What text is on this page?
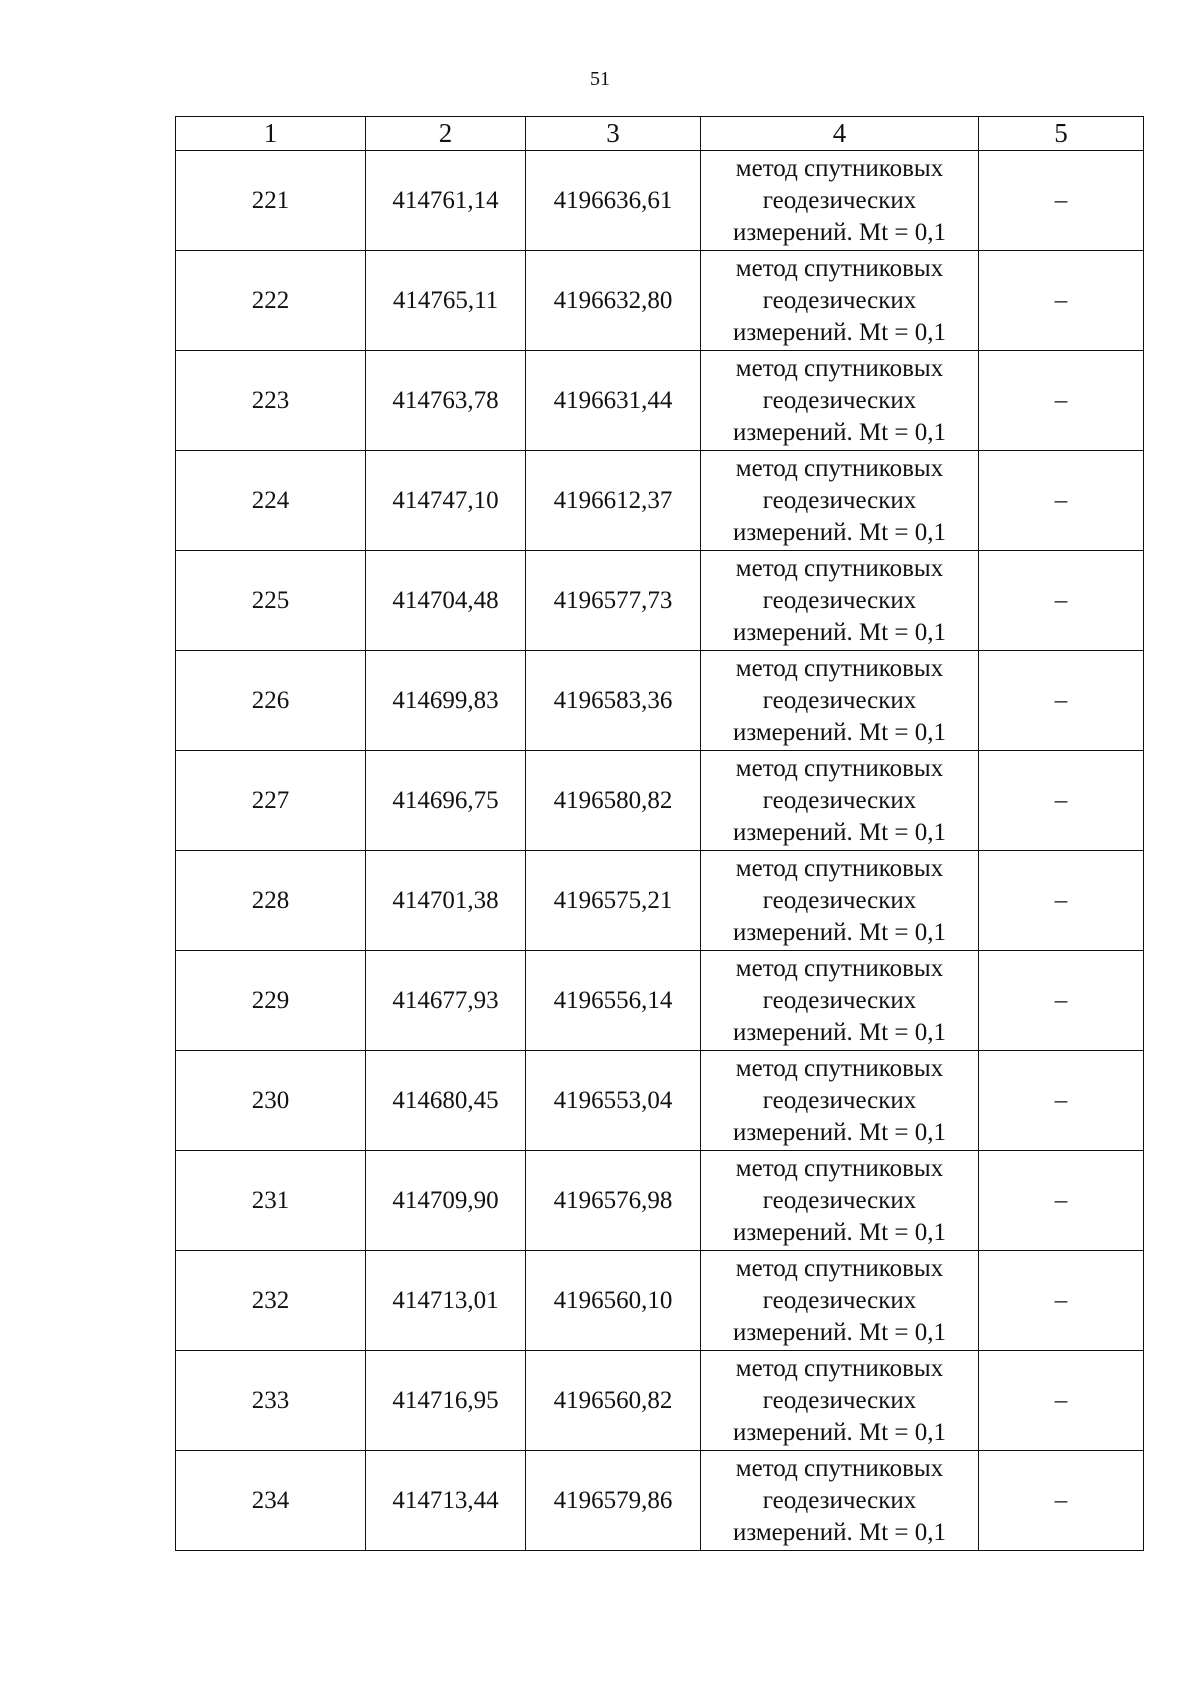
51
1	2	3	4	5
221	414761,14	4196636,61	метод спутниковых
геодезических
измерений. Mt = 0,1	–
222	414765,11	4196632,80	метод спутниковых
геодезических
измерений. Mt = 0,1	–
223	414763,78	4196631,44	метод спутниковых
геодезических
измерений. Mt = 0,1	–
224	414747,10	4196612,37	метод спутниковых
геодезических
измерений. Mt = 0,1	–
225	414704,48	4196577,73	метод спутниковых
геодезических
измерений. Mt = 0,1	–
226	414699,83	4196583,36	метод спутниковых
геодезических
измерений. Mt = 0,1	–
227	414696,75	4196580,82	метод спутниковых
геодезических
измерений. Mt = 0,1	–
228	414701,38	4196575,21	метод спутниковых
геодезических
измерений. Mt = 0,1	–
229	414677,93	4196556,14	метод спутниковых
геодезических
измерений. Mt = 0,1	–
230	414680,45	4196553,04	метод спутниковых
геодезических
измерений. Mt = 0,1	–
231	414709,90	4196576,98	метод спутниковых
геодезических
измерений. Mt = 0,1	–
232	414713,01	4196560,10	метод спутниковых
геодезических
измерений. Mt = 0,1	–
233	414716,95	4196560,82	метод спутниковых
геодезических
измерений. Mt = 0,1	–
234	414713,44	4196579,86	метод спутниковых
геодезических
измерений. Mt = 0,1	–
